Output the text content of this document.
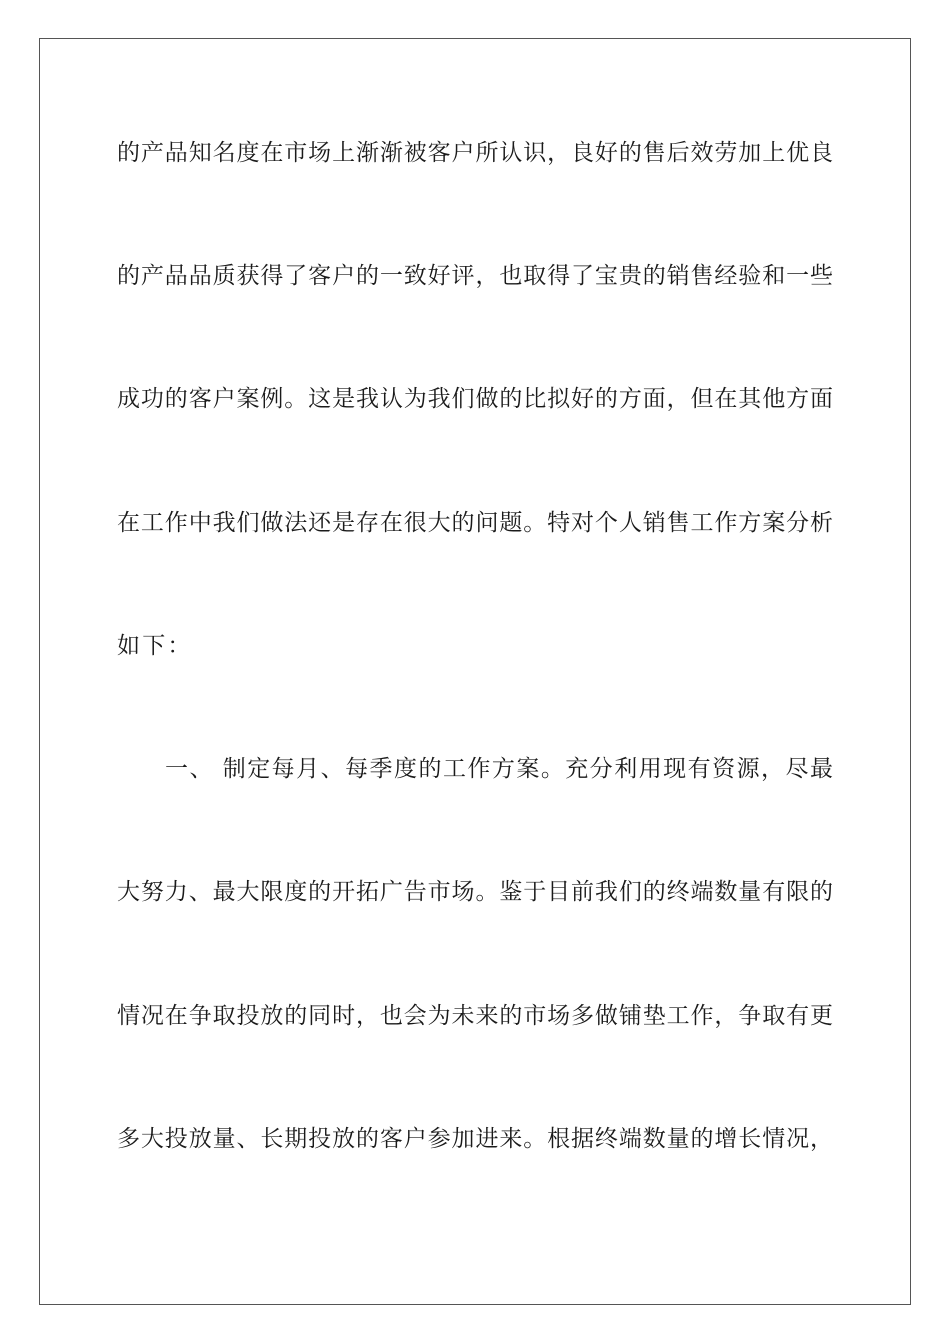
的产品知名度在市场上渐渐被客户所认识，良好的售后效劳加上优良
的产品品质获得了客户的一致好评，也取得了宝贵的销售经验和一些
成功的客户案例。这是我认为我们做的比拟好的方面，但在其他方面
在工作中我们做法还是存在很大的问题。特对个人销售工作方案分析
如下：
一、 制定每月、每季度的工作方案。充分利用现有资源，尽最
大努力、最大限度的开拓广告市场。鉴于目前我们的终端数量有限的
情况在争取投放的同时，也会为未来的市场多做铺垫工作，争取有更
多大投放量、长期投放的客户参加进来。根据终端数量的增长情况，
